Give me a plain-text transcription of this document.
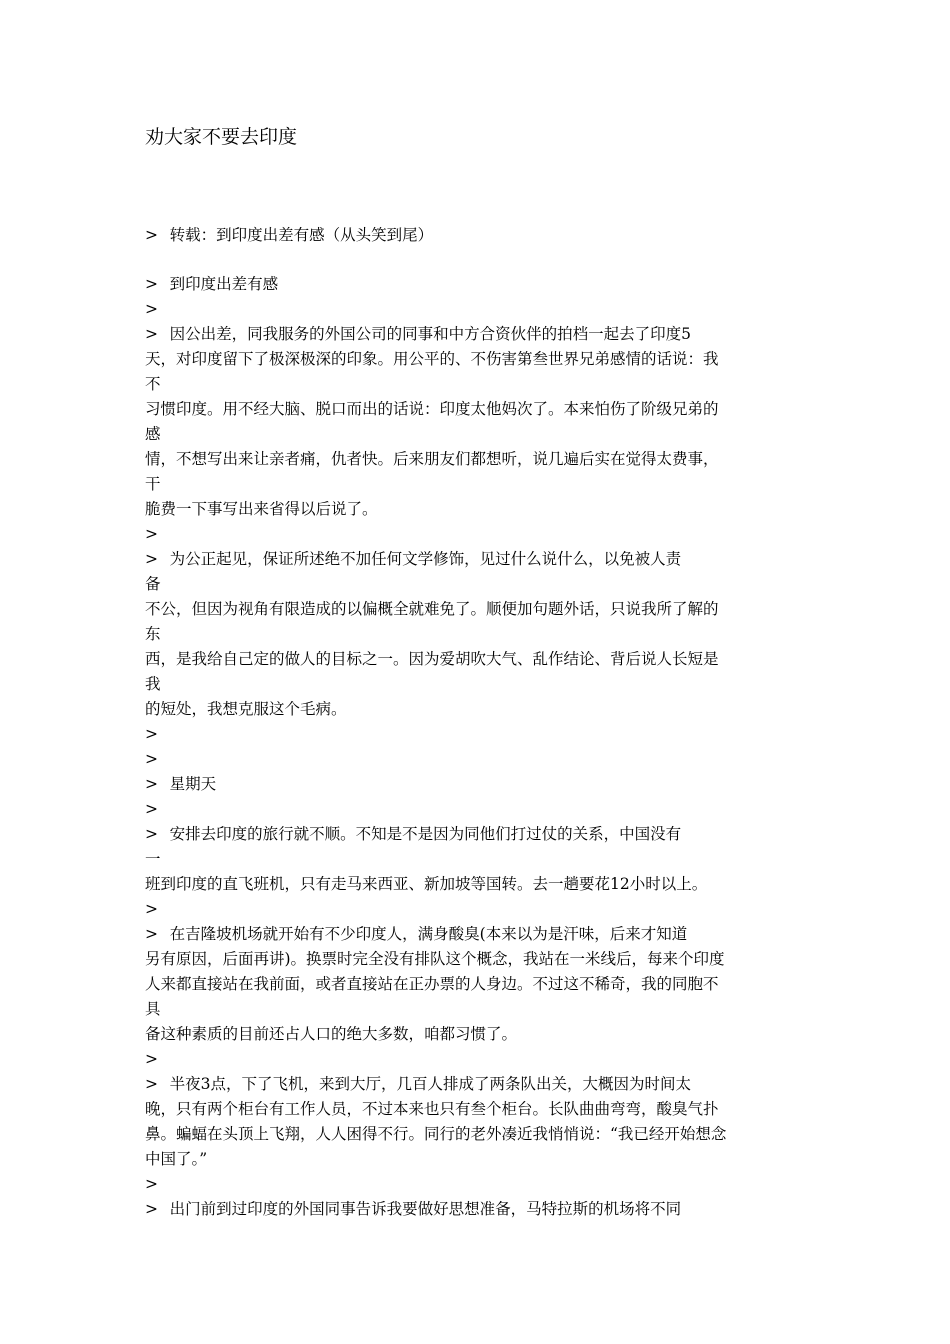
劝大家不要去印度
>	转载：到印度出差有感（从头笑到尾）
>	到印度出差有感
>
>	因公出差，同我服务的外国公司的同事和中方合资伙伴的拍档一起去了印度5
天，对印度留下了极深极深的印象。用公平的、不伤害第叁世界兄弟感情的话说：我
不
习惯印度。用不经大脑、脱口而出的话说：印度太他妈次了。本来怕伤了阶级兄弟的
感
情，不想写出来让亲者痛，仇者快。后来朋友们都想听，说几遍后实在觉得太费事，
干
脆费一下事写出来省得以后说了。
>
>	为公正起见，保证所述绝不加任何文学修饰，见过什么说什么，以免被人责
备
不公，但因为视角有限造成的以偏概全就难免了。顺便加句题外话，只说我所了解的
东
西，是我给自己定的做人的目标之一。因为爱胡吹大气、乱作结论、背后说人长短是
我
的短处，我想克服这个毛病。
>
>
>	星期天
>
>	安排去印度的旅行就不顺。不知是不是因为同他们打过仗的关系，中国没有
一
班到印度的直飞班机，只有走马来西亚、新加坡等国转。去一趟要花12小时以上。
>
>	在吉隆坡机场就开始有不少印度人，满身酸臭(本来以为是汗味，后来才知道
另有原因，后面再讲)。换票时完全没有排队这个概念，我站在一米线后，每来个印度
人来都直接站在我前面，或者直接站在正办票的人身边。不过这不稀奇，我的同胞不
具
备这种素质的目前还占人口的绝大多数，咱都习惯了。
>
>	半夜3点，下了飞机，来到大厅，几百人排成了两条队出关，大概因为时间太
晚，只有两个柜台有工作人员，不过本来也只有叁个柜台。长队曲曲弯弯，酸臭气扑
鼻。蝙蝠在头顶上飞翔，人人困得不行。同行的老外凑近我悄悄说：“我已经开始想念
中国了。”
>
>	出门前到过印度的外国同事告诉我要做好思想准备，马特拉斯的机场将不同
